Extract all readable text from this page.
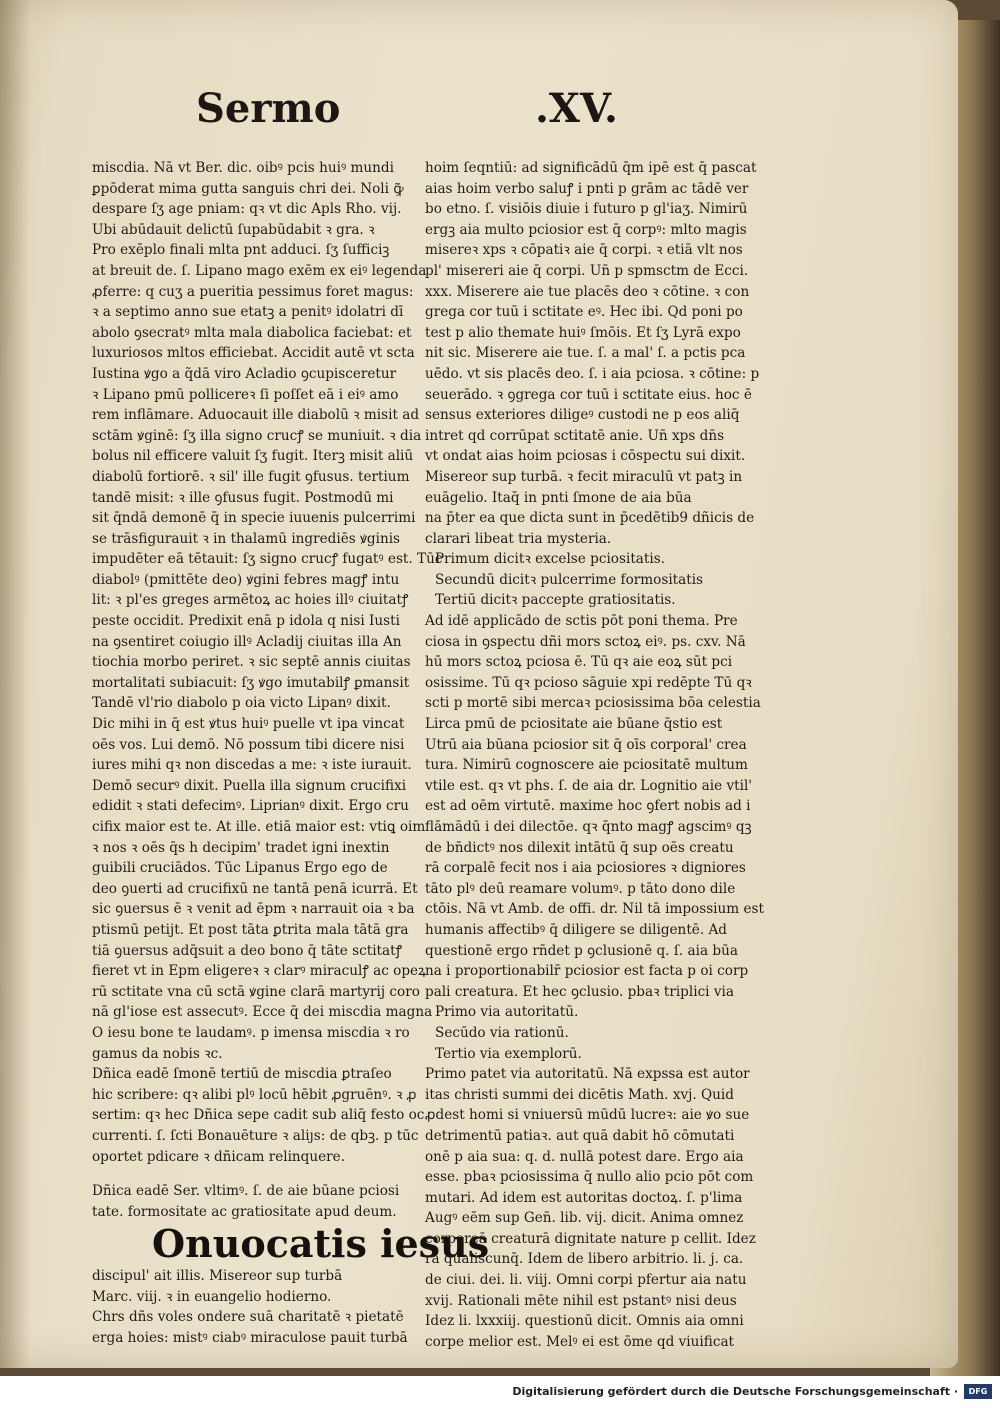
Sermo	.XV.
miscdia. Nā vt Ber. dic. oibꝰ pcis huiꝰ mundi
ꝑpōderat mima gutta sanguis chri dei. Noli ꝙ̃
despare ſʒ age pniam: qꝛ vt dic Apls Rho. vij.
Ubi abūdauit delictū ſupabūdabit ꝛ gra. ꝛ
Pro exēplo finali mlta pnt adduci. ſʒ ſufficiꝫ
at breuit de. ſ. Lipano mago exēm ex eiꝰ legenda
ꝓferre: q cuʒ a pueritia pessimus foret magus:
ꝛ a septimo anno sue etatꝫ a penitꝰ idolatri dī
abolo ꝯsecratꝰ mlta mala diabolica faciebat: et
luxuriosos mltos efficiebat. Accidit autē vt scta
Iustina ꝟgo a q̃dā viro Acladio ꝯcupisceretur
ꝛ Lipano pmū pollicereꝛ ſi poſſet eā i eiꝰ amo
rem inflāmare. Aduocauit ille diabolū ꝛ misit ad
sctām ꝟginē: ſʒ illa signo crucꝭ se muniuit. ꝛ dia
bolus nil efficere valuit ſʒ fugit. Iterꝫ misit aliū
diabolū fortiorē. ꝛ sil' ille fugit ꝯfusus. tertium
tandē misit: ꝛ ille ꝯfusus fugit. Postmodū mi
sit q̄ndā demonē q̄ in specie iuuenis pulcerrimi
se trāsfigurauit ꝛ in thalamū ingrediēs ꝟginis
impudēter eā tētauit: ſʒ signo crucꝭ fugatꝰ est. Tūc
diabolꝰ (pmittēte deo) ꝟgini febres magꝭ intu
lit: ꝛ pl'es greges armētoꝝ ac hoies illꝰ ciuitatꝭ
peste occidit. Predixit enā p idola q nisi Iusti
na ꝯsentiret coiugio illꝰ Acladij ciuitas illa An
tiochia morbo periret. ꝛ sic septē annis ciuitas
mortalitati subiacuit: ſʒ ꝟgo imutabilꝭ ꝑmansit
Tandē vl'rio diabolo p oia victo Lipanꝰ dixit.
Dic mihi in q̄ est ꝟtus huiꝰ puelle vt ipa vincat
oēs vos. Lui demō. Nō possum tibi dicere nisi
iures mihi qꝛ non discedas a me: ꝛ iste iurauit.
Demō securꝰ dixit. Puella illa signum crucifixi
edidit ꝛ stati defecimꝰ. Liprianꝰ dixit. Ergo cru
cifix maior est te. At ille. etiā maior est: vtiꝗ oim
ꝛ nos ꝛ oēs q̄s h decipim' tradet igni inextin
guibili cruciādos. Tūc Lipanus Ergo ego de
deo ꝯuerti ad crucifixū ne tantā penā icurrā. Et
sic ꝯuersus ē ꝛ venit ad ēpm ꝛ narrauit oia ꝛ ba
ptismū petijt. Et post tāta ꝑtrita mala tātā gra
tiā ꝯuersus adq̄suit a deo bono q̄ tāte sctitatꝭ
fieret vt in Epm eligereꝛ ꝛ clarꝰ miraculꝭ ac opeꝝ
rū sctitate vna cū sctā ꝟgine clarā martyrij coro
nā gl'iose est assecutꝰ. Ecce q̄ dei miscdia magna
O iesu bone te laudamꝰ. p imensa miscdia ꝛ ro
gamus da nobis ꝛc.
Dñica eadē ſmonē tertiū de miscdia ꝑtraſeo
hic scribere: qꝛ alibi plꝰ locū hēbit ꝓgruēnꝰ. ꝛ ꝓ
sertim: qꝛ hec Dñica sepe cadit sub aliq̄ festo oc
currenti. ſ. ſcti Bonauēture ꝛ aliȷs: de qbꝫ. p tūc
oportet pdicare ꝛ dñicam relinquere.
Dñica eadē Ser. vltimꝰ. ſ. de aie būane pciosi
tate. formositate ac gratiositate apud deum.
Onuocatis iesus
discipul' ait illis. Misereor sup turbā
Marc. viij. ꝛ in euangelio hodierno.
Chrs dñs voles ondere suā charitatē ꝛ pietatē
erga hoies: mistꝰ ciabꝰ miraculose pauit turbā
hoim ſeqntiū: ad significādū q̄m ipē est q̄ pascat
aias hoim verbo saluꝭ i pnti p grām ac tādē ver
bo etno. ſ. visiōis diuie i futuro p gl'iaʒ. Nimirū
ergꝫ aia multo pciosior est q̄ corpꝰ: mlto magis
misereꝛ xps ꝛ cōpatiꝛ aie q̄ corpi. ꝛ etiā vlt nos
pl' misereri aie q̄ corpi. Un̄ p spmsctm de Ecci.
xxx. Miserere aie tue placēs deo ꝛ cōtine. ꝛ con
grega cor tuū i sctitate eꝰ. Hec ibi. Qd poni po
test p alio themate huiꝰ ſmōis. Et ſʒ Lyrā expo
nit sic. Miserere aie tue. ſ. a mal' ſ. a pctis pca
uēdo. vt sis placēs deo. ſ. i aia pciosa. ꝛ cōtine: p
seuerādo. ꝛ ꝯgrega cor tuū i sctitate eius. hoc ē
sensus exteriores diligeꝰ custodi ne p eos aliq̄
intret qd corrūpat sctitatē anie. Un̄ xps dn̄s
vt ondat aias hoim pciosas i cōspectu sui dixit.
Misereor sup turbā. ꝛ fecit miraculū vt patꝫ in
euāgelio. Itaq̄ in pnti ſmone de aia būa
na p̄ter ea que dicta sunt in p̄cedētib9 dñicis de
clarari libeat tria mysteria.
Primum dicitꝛ excelse pciositatis.
Secundū dicitꝛ pulcerrime formositatis
Tertiū dicitꝛ paccepte gratiositatis.
Ad idē applicādo de sctis pōt poni thema. Pre
ciosa in ꝯspectu dñi mors sctoꝝ eiꝰ. ps. cxv. Nā
hū mors sctoꝝ pciosa ē. Tū qꝛ aie eoꝝ sūt pci
osissime. Tū qꝛ pcioso sāguie xpi redēpte Tū qꝛ
scti p mortē sibi mercaꝛ pciosissima bōa celestia
Lirca pmū de pciositate aie būane q̄stio est
Utrū aia būana pciosior sit q̄ oīs corporal' crea
tura. Nimirū cognoscere aie pciositatē multum
vtile est. qꝛ vt phs. ſ. de aia dr. Lognitio aie vtil'
est ad oēm virtutē. maxime hoc ꝯfert nobis ad i
flāmādū i dei dilectōe. qꝛ q̄nto magꝭ agscimꝰ qꝫ
de bn̄dictꝰ nos dilexit intātū q̄ sup oēs creatu
rā corpalē fecit nos i aia pciosiores ꝛ digniores
tāto plꝰ deū reamare volumꝰ. p tāto dono dile
ctōis. Nā vt Amb. de offi. dr. Nil tā impossium est
humanis affectibꝰ q̄ diligere se diligentē. Ad
questionē ergo rn̄det p ꝯclusionē q. ſ. aia būa
na i proportionabilr̄ pciosior est facta p oi corp
pali creatura. Et hec ꝯclusio. pbaꝛ triplici via
Primo via autoritatū.
Secūdo via rationū.
Tertio via exemplorū.
Primo patet via autoritatū. Nā expssa est autor
itas christi summi dei dicētis Math. xvj. Quid
ꝓdest homi si vniuersū mūdū lucreꝛ: aie ꝟo sue
detrimentū patiaꝛ. aut quā dabit hō cōmutati
onē p aia sua: q. d. nullā potest dare. Ergo aia
esse. pbaꝛ pciosissima q̄ nullo alio pcio pōt com
mutari. Ad idem est autoritas doctoꝝ. ſ. p'lima
Augꝰ eēm sup Gen̄. lib. vij. dicit. Anima omnez
corporeā creaturā dignitate nature p cellit. Idez
ra qualiscunq̄. Idem de libero arbitrio. li. j. ca.
de ciui. dei. li. viij. Omni corpi pfertur aia natu
xvij. Rationali mēte nihil est pstantꝰ nisi deus
Idez li. lxxxiij. questionū dicit. Omnis aia omni
corpe melior est. Melꝰ ei est ōme qd viuificat
Digitalisierung gefördert durch die Deutsche Forschungsgemeinschaft ·	DFG
